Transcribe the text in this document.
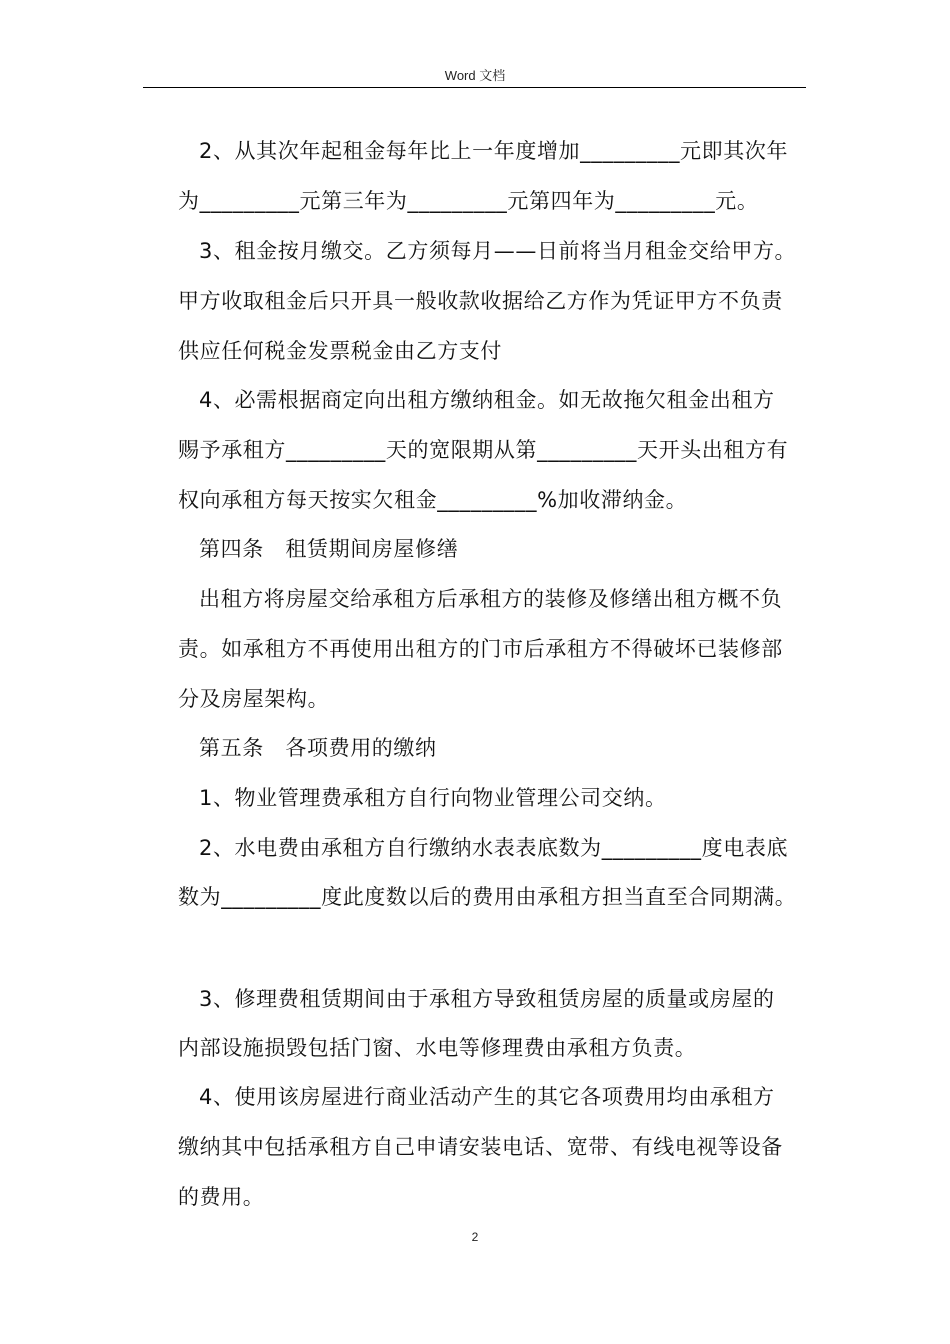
Word 文档
2、从其次年起租金每年比上一年度增加_________元即其次年
为_________元第三年为_________元第四年为_________元。
3、租金按月缴交。乙方须每月——日前将当月租金交给甲方。
甲方收取租金后只开具一般收款收据给乙方作为凭证甲方不负责
供应任何税金发票税金由乙方支付
4、必需根据商定向出租方缴纳租金。如无故拖欠租金出租方
赐予承租方_________天的宽限期从第_________天开头出租方有
权向承租方每天按实欠租金_________%加收滞纳金。
第四条　租赁期间房屋修缮
出租方将房屋交给承租方后承租方的装修及修缮出租方概不负
责。如承租方不再使用出租方的门市后承租方不得破坏已装修部
分及房屋架构。
第五条　各项费用的缴纳
1、物业管理费承租方自行向物业管理公司交纳。
2、水电费由承租方自行缴纳水表表底数为_________度电表底
数为_________度此度数以后的费用由承租方担当直至合同期满。
3、修理费租赁期间由于承租方导致租赁房屋的质量或房屋的
内部设施损毁包括门窗、水电等修理费由承租方负责。
4、使用该房屋进行商业活动产生的其它各项费用均由承租方
缴纳其中包括承租方自己申请安装电话、宽带、有线电视等设备
的费用。
2
